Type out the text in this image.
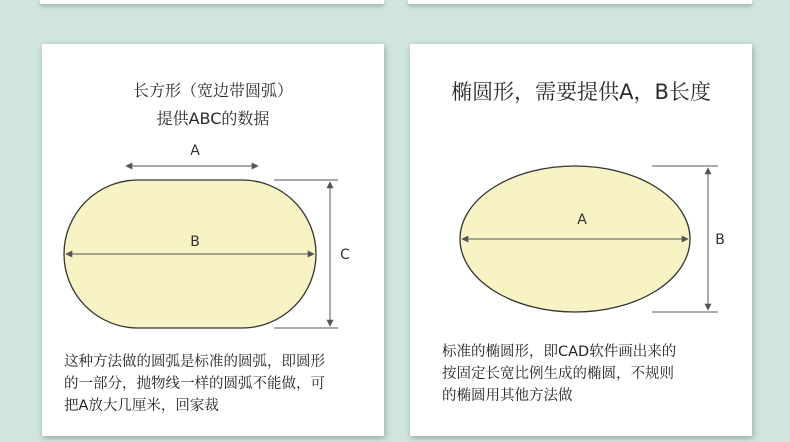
长方形（宽边带圆弧）
提供ABC的数据
A
B
C
这种方法做的圆弧是标准的圆弧，即圆形
的一部分，抛物线一样的圆弧不能做，可
把A放大几厘米，回家裁
椭圆形，需要提供A，B长度
A
B
标准的椭圆形，即CAD软件画出来的
按固定长宽比例生成的椭圆，不规则
的椭圆用其他方法做
